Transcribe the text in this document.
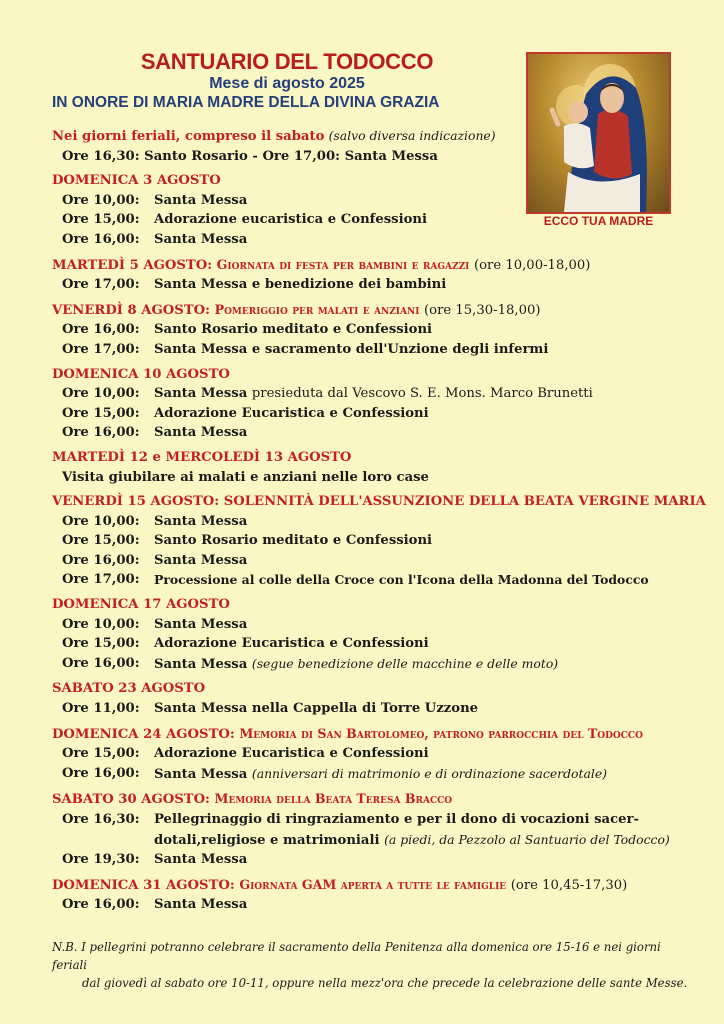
SANTUARIO DEL TODOCCO
Mese di agosto 2025
IN ONORE DI MARIA MADRE DELLA DIVINA GRAZIA
ECCO TUA MADRE
Nei giorni feriali, compreso il sabato (salvo diversa indicazione)
Ore 16,30: Santo Rosario - Ore 17,00: Santa Messa
DOMENICA 3 AGOSTO
Ore 10,00:	Santa Messa
Ore 15,00:	Adorazione eucaristica e Confessioni
Ore 16,00:	Santa Messa
MARTEDÌ 5 AGOSTO: Giornata di festa per bambini e ragazzi (ore 10,00-18,00)
Ore 17,00:	Santa Messa e benedizione dei bambini
VENERDÌ 8 AGOSTO: Pomeriggio per malati e anziani (ore 15,30-18,00)
Ore 16,00:	Santo Rosario meditato e Confessioni
Ore 17,00:	Santa Messa e sacramento dell'Unzione degli infermi
DOMENICA 10 AGOSTO
Ore 10,00:	Santa Messa presieduta dal Vescovo S. E. Mons. Marco Brunetti
Ore 15,00:	Adorazione Eucaristica e Confessioni
Ore 16,00:	Santa Messa
MARTEDÌ 12 e MERCOLEDÌ 13 AGOSTO
Visita giubilare ai malati e anziani nelle loro case
VENERDÌ 15 AGOSTO: SOLENNITÀ DELL'ASSUNZIONE DELLA BEATA VERGINE MARIA
Ore 10,00:	Santa Messa
Ore 15,00:	Santo Rosario meditato e Confessioni
Ore 16,00:	Santa Messa
Ore 17,00:	Processione al colle della Croce con l'Icona della Madonna del Todocco
DOMENICA 17 AGOSTO
Ore 10,00:	Santa Messa
Ore 15,00:	Adorazione Eucaristica e Confessioni
Ore 16,00:	Santa Messa (segue benedizione delle macchine e delle moto)
SABATO 23 AGOSTO
Ore 11,00:	Santa Messa nella Cappella di Torre Uzzone
DOMENICA 24 AGOSTO: Memoria di San Bartolomeo, patrono parrocchia del Todocco
Ore 15,00:	Adorazione Eucaristica e Confessioni
Ore 16,00:	Santa Messa (anniversari di matrimonio e di ordinazione sacerdotale)
SABATO 30 AGOSTO: Memoria della Beata Teresa Bracco
Ore 16,30:	Pellegrinaggio di ringraziamento e per il dono di vocazioni sacer-
dotali,religiose e matrimoniali (a piedi, da Pezzolo al Santuario del Todocco)
Ore 19,30:	Santa Messa
DOMENICA 31 AGOSTO: Giornata GAM aperta a tutte le famiglie (ore 10,45-17,30)
Ore 16,00:	Santa Messa
N.B. I pellegrini potranno celebrare il sacramento della Penitenza alla domenica ore 15-16 e nei giorni feriali
dal giovedì al sabato ore 10-11, oppure nella mezz'ora che precede la celebrazione delle sante Messe.
